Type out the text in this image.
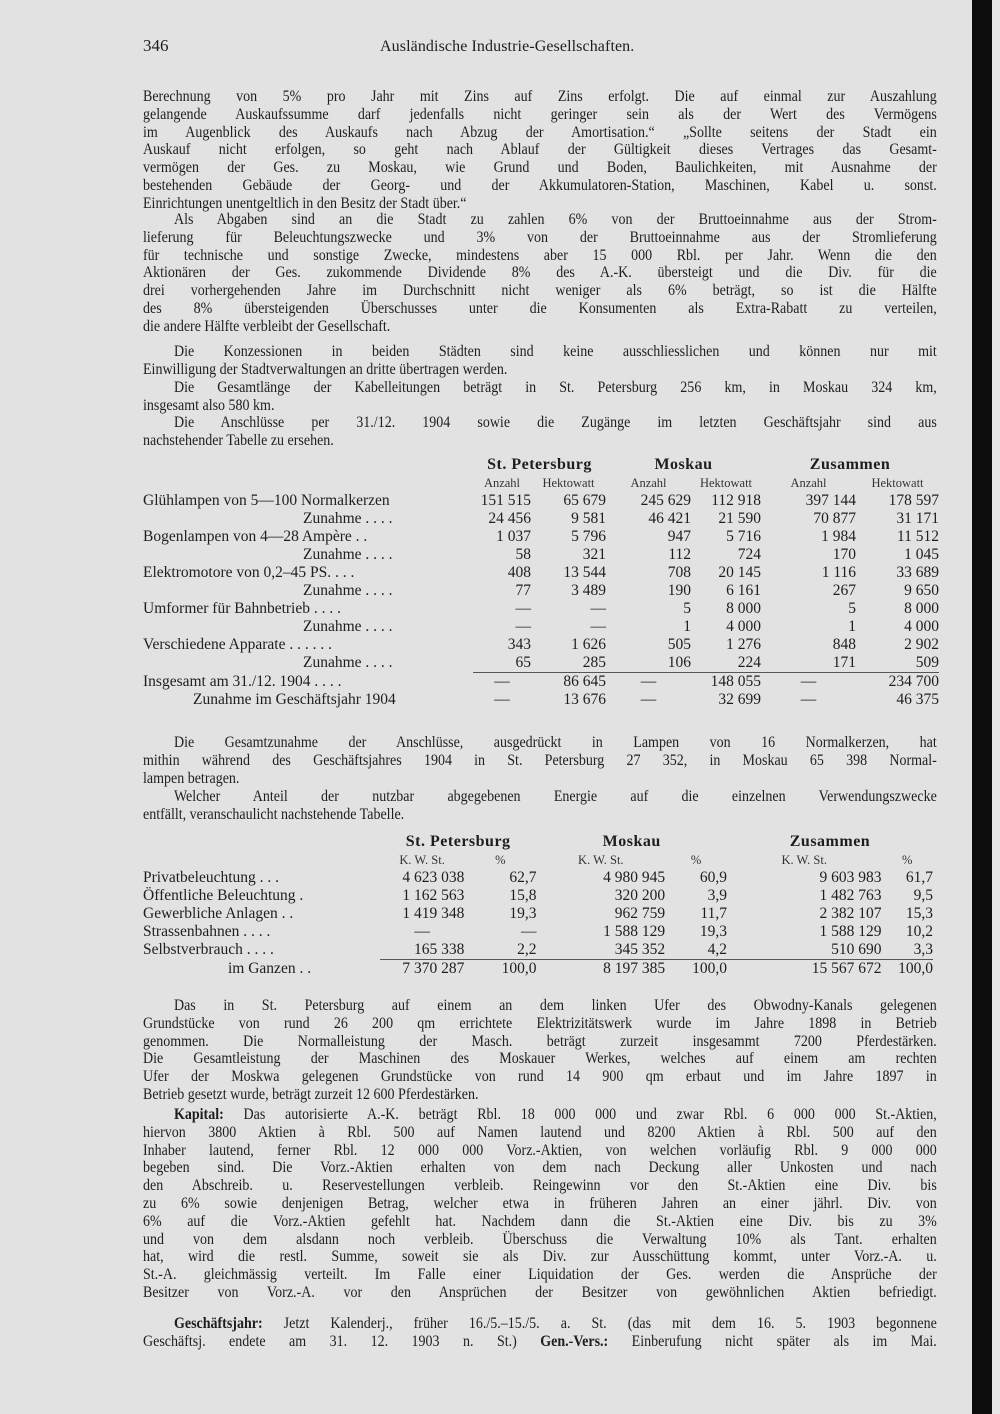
346	Ausländische Industrie-Gesellschaften.

Berechnung von 5% pro Jahr mit Zins auf Zins erfolgt. Die auf einmal zur Auszahlung
gelangende Auskaufssumme darf jedenfalls nicht geringer sein als der Wert des Vermögens
im Augenblick des Auskaufs nach Abzug der Amortisation.“ „Sollte seitens der Stadt ein
Auskauf nicht erfolgen, so geht nach Ablauf der Gültigkeit dieses Vertrages das Gesamt-
vermögen der Ges. zu Moskau, wie Grund und Boden, Baulichkeiten, mit Ausnahme der
bestehenden Gebäude der Georg- und der Akkumulatoren-Station, Maschinen, Kabel u. sonst.
Einrichtungen unentgeltlich in den Besitz der Stadt über.“

Als Abgaben sind an die Stadt zu zahlen 6% von der Bruttoeinnahme aus der Strom-
lieferung für Beleuchtungszwecke und 3% von der Bruttoeinnahme aus der Stromlieferung
für technische und sonstige Zwecke, mindestens aber 15 000 Rbl. per Jahr. Wenn die den
Aktionären der Ges. zukommende Dividende 8% des A.-K. übersteigt und die Div. für die
drei vorhergehenden Jahre im Durchschnitt nicht weniger als 6% beträgt, so ist die Hälfte
des 8% übersteigenden Überschusses unter die Konsumenten als Extra-Rabatt zu verteilen,
die andere Hälfte verbleibt der Gesellschaft.

Die Konzessionen in beiden Städten sind keine ausschliesslichen und können nur mit
Einwilligung der Stadtverwaltungen an dritte übertragen werden.

Die Gesamtlänge der Kabelleitungen beträgt in St. Petersburg 256 km, in Moskau 324 km,
insgesamt also 580 km.

Die Anschlüsse per 31./12. 1904 sowie die Zugänge im letzten Geschäftsjahr sind aus
nachstehender Tabelle zu ersehen.

	St. Petersburg		Moskau		Zusammen	
	Anzahl	Hektowatt	Anzahl	Hektowatt	Anzahl	Hektowatt
Glühlampen von 5—100 Normalkerzen	151 515	65 679	245 629	112 918	397 144	178 597
Zunahme . . . .	24 456	9 581	46 421	21 590	70 877	31 171
Bogenlampen von 4—28 Ampère . .	1 037	5 796	947	5 716	1 984	11 512
Zunahme . . . .	58	321	112	724	170	1 045
Elektromotore von 0,2–45 PS. . . .	408	13 544	708	20 145	1 116	33 689
Zunahme . . . .	77	3 489	190	6 161	267	9 650
Umformer für Bahnbetrieb . . . .	—	—	5	8 000	5	8 000
Zunahme . . . .	—	—	1	4 000	1	4 000
Verschiedene Apparate . . . . . .	343	1 626	505	1 276	848	2 902
Zunahme . . . .	65	285	106	224	171	509
Insgesamt am 31./12. 1904 . . . .	—	86 645	—	148 055	—	234 700
Zunahme im Geschäftsjahr 1904	—	13 676	—	32 699	—	46 375

Die Gesamtzunahme der Anschlüsse, ausgedrückt in Lampen von 16 Normalkerzen, hat
mithin während des Geschäftsjahres 1904 in St. Petersburg 27 352, in Moskau 65 398 Normal-
lampen betragen.

Welcher Anteil der nutzbar abgegebenen Energie auf die einzelnen Verwendungszwecke
entfällt, veranschaulicht nachstehende Tabelle.

	St. Petersburg		Moskau		Zusammen	
	K. W. St.	%	K. W. St.	%	K. W. St.	%
Privatbeleuchtung . . .	4 623 038	62,7	4 980 945	60,9	9 603 983	61,7
Öffentliche Beleuchtung .	1 162 563	15,8	320 200	3,9	1 482 763	9,5
Gewerbliche Anlagen . .	1 419 348	19,3	962 759	11,7	2 382 107	15,3
Strassenbahnen . . . .	—	—	1 588 129	19,3	1 588 129	10,2
Selbstverbrauch . . . .	165 338	2,2	345 352	4,2	510 690	3,3
im Ganzen . .	7 370 287	100,0	8 197 385	100,0	15 567 672	100,0

Das in St. Petersburg auf einem an dem linken Ufer des Obwodny-Kanals gelegenen
Grundstücke von rund 26 200 qm errichtete Elektrizitätswerk wurde im Jahre 1898 in Betrieb
genommen. Die Normalleistung der Masch. beträgt zurzeit insgesammt 7200 Pferdestärken.
Die Gesamtleistung der Maschinen des Moskauer Werkes, welches auf einem am rechten
Ufer der Moskwa gelegenen Grundstücke von rund 14 900 qm erbaut und im Jahre 1897 in
Betrieb gesetzt wurde, beträgt zurzeit 12 600 Pferdestärken.

Kapital: Das autorisierte A.-K. beträgt Rbl. 18 000 000 und zwar Rbl. 6 000 000 St.-Aktien,
hiervon 3800 Aktien à Rbl. 500 auf Namen lautend und 8200 Aktien à Rbl. 500 auf den
Inhaber lautend, ferner Rbl. 12 000 000 Vorz.-Aktien, von welchen vorläufig Rbl. 9 000 000
begeben sind. Die Vorz.-Aktien erhalten von dem nach Deckung aller Unkosten und nach
den Abschreib. u. Reservestellungen verbleib. Reingewinn vor den St.-Aktien eine Div. bis
zu 6% sowie denjenigen Betrag, welcher etwa in früheren Jahren an einer jährl. Div. von
6% auf die Vorz.-Aktien gefehlt hat. Nachdem dann die St.-Aktien eine Div. bis zu 3%
und von dem alsdann noch verbleib. Überschuss die Verwaltung 10% als Tant. erhalten
hat, wird die restl. Summe, soweit sie als Div. zur Ausschüttung kommt, unter Vorz.-A. u.
St.-A. gleichmässig verteilt. Im Falle einer Liquidation der Ges. werden die Ansprüche der
Besitzer von Vorz.-A. vor den Ansprüchen der Besitzer von gewöhnlichen Aktien befriedigt.

Geschäftsjahr: Jetzt Kalenderj., früher 16./5.–15./5. a. St. (das mit dem 16. 5. 1903 begonnene
Geschäftsj. endete am 31. 12. 1903 n. St.) Gen.-Vers.: Einberufung nicht später als im Mai.
